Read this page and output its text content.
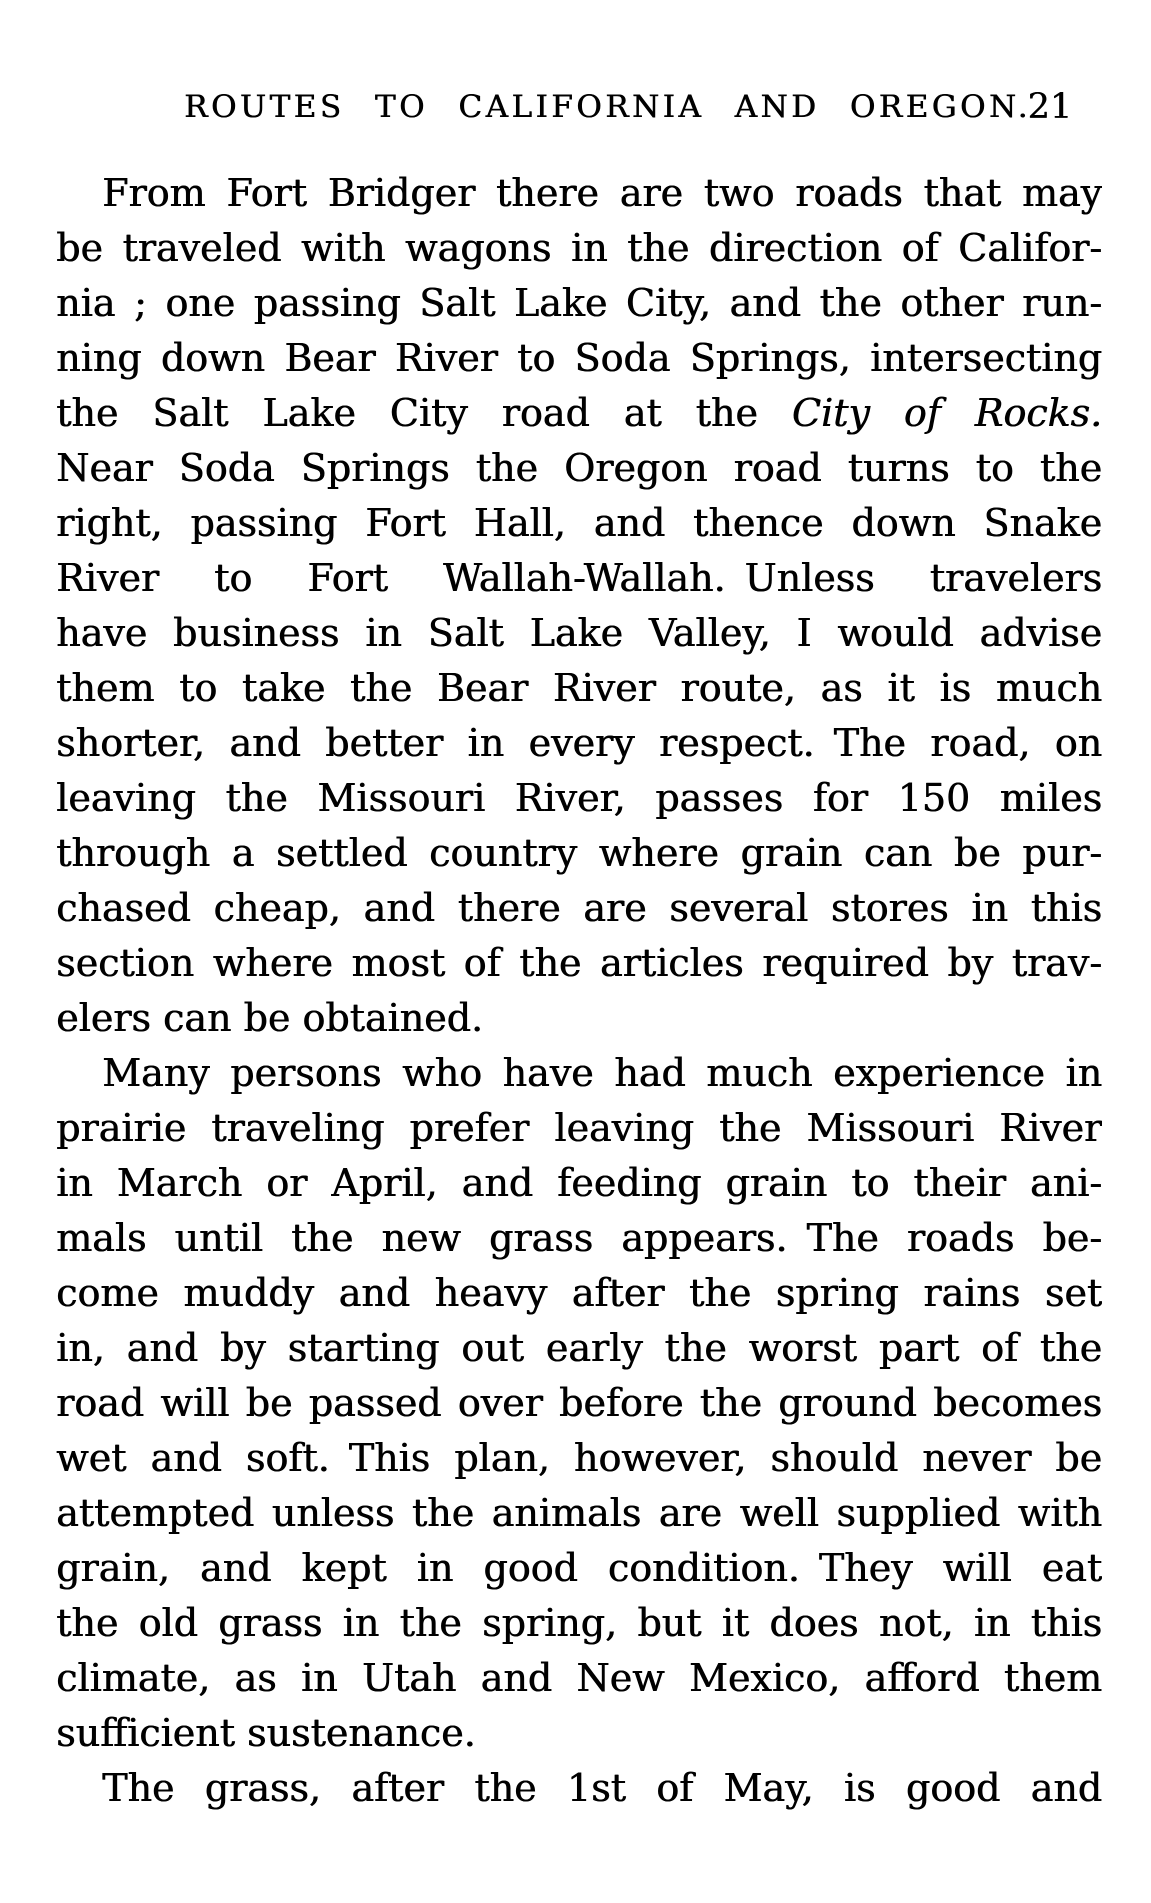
ROUTES TO CALIFORNIA AND OREGON.
21
From Fort Bridger there are two roads that may
be traveled with wagons in the direction of Califor-
nia ; one passing Salt Lake City, and the other run-
ning down Bear River to Soda Springs, intersecting
the Salt Lake City road at the City of Rocks.
Near Soda Springs the Oregon road turns to the
right, passing Fort Hall, and thence down Snake
River to Fort Wallah-Wallah. Unless travelers
have business in Salt Lake Valley, I would advise
them to take the Bear River route, as it is much
shorter, and better in every respect. The road, on
leaving the Missouri River, passes for 150 miles
through a settled country where grain can be pur-
chased cheap, and there are several stores in this
section where most of the articles required by trav-
elers can be obtained.
Many persons who have had much experience in
prairie traveling prefer leaving the Missouri River
in March or April, and feeding grain to their ani-
mals until the new grass appears. The roads be-
come muddy and heavy after the spring rains set
in, and by starting out early the worst part of the
road will be passed over before the ground becomes
wet and soft. This plan, however, should never be
attempted unless the animals are well supplied with
grain, and kept in good condition. They will eat
the old grass in the spring, but it does not, in this
climate, as in Utah and New Mexico, afford them
sufficient sustenance.
The grass, after the 1st of May, is good and
